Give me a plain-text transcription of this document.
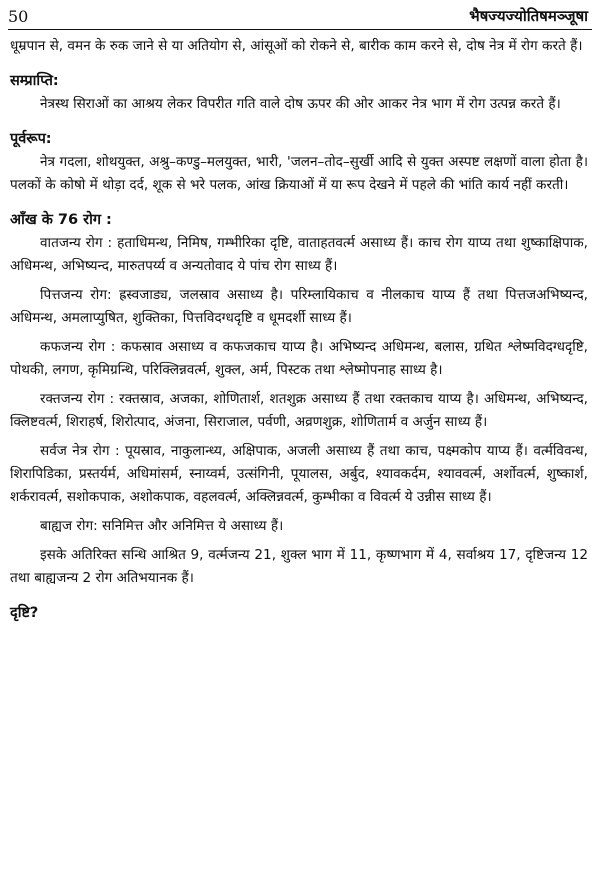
50	भैषज्यज्योतिषमञ्जूषा

धूम्रपान से, वमन के रुक जाने से या अतियोग से, आंसूओं को रोकने से, बारीक काम करने से, दोष नेत्र में रोग करते हैं।

सम्प्राप्ति:

नेत्रस्थ सिराओं का आश्रय लेकर विपरीत गति वाले दोष ऊपर की ओर आकर नेत्र भाग में रोग उत्पन्न करते हैं।

पूर्वरूप:

नेत्र गदला, शोथयुक्त, अश्रु–कण्डु–मलयुक्त, भारी, 'जलन–तोद–सुर्खी आदि से युक्त अस्पष्ट लक्षणों वाला होता है। पलकों के कोषो में थोड़ा दर्द, शूक से भरे पलक, आंख क्रियाओं में या रूप देखने में पहले की भांति कार्य नहीं करती।

आँख के 76 रोग :

वातजन्य रोग : हताधिमन्थ, निमिष, गम्भीरिका दृष्टि, वाताहतवर्त्म असाध्य हैं। काच रोग याप्य तथा शुष्काक्षिपाक, अधिमन्थ, अभिष्यन्द, मारुतपर्य्य व अन्यतोवाद ये पांच रोग साध्य हैं।

पित्तजन्य रोग: ह्रस्वजाड्य, जलस्राव असाध्य है। परिम्लायिकाच व नीलकाच याप्य हैं तथा पित्तजअभिष्यन्द, अधिमन्थ, अमलाप्युषित, शुक्तिका, पित्तविदग्धदृष्टि व धूमदर्शी साध्य हैं।

कफजन्य रोग : कफस्राव असाध्य व कफजकाच याप्य है। अभिष्यन्द अधिमन्थ, बलास, ग्रथित श्लेष्मविदग्धदृष्टि, पोथकी, लगण, कृमिग्रन्थि, परिक्लिन्नवर्त्म, शुक्ल, अर्म, पिस्टक तथा श्लेष्मोपनाह साध्य है।

रक्तजन्य रोग : रक्तस्राव, अजका, शोणितार्श, शतशुक्र असाध्य हैं तथा रक्तकाच याप्य है। अधिमन्थ, अभिष्यन्द, क्लिष्टवर्त्म, शिराहर्ष, शिरोत्पाद, अंजना, सिराजाल, पर्वणी, अव्रणशुक्र, शोणितार्म व अर्जुन साध्य हैं।

सर्वज नेत्र रोग : पूयस्राव, नाकुलान्ध्य, अक्षिपाक, अजली असाध्य हैं तथा काच, पक्ष्मकोप याप्य हैं। वर्त्मविवन्ध, शिरापिडिका, प्रस्तर्यर्म, अधिमांसर्म, स्नाय्वर्म, उत्संगिनी, पूयालस, अर्बुद, श्यावकर्दम, श्याववर्त्म, अर्शोवर्त्म, शुष्कार्श, शर्करावर्त्म, सशोकपाक, अशोकपाक, वहलवर्त्म, अक्लिन्नवर्त्म, कुम्भीका व विवर्त्म ये उन्नीस साध्य हैं।

बाह्यज रोग: सनिमित्त और अनिमित्त ये असाध्य हैं।

इसके अतिरिक्त सन्धि आश्रित 9, वर्त्मजन्य 21, शुक्ल भाग में 11, कृष्णभाग में 4, सर्वाश्रय 17, दृष्टिजन्य 12 तथा बाह्यजन्य 2 रोग अतिभयानक हैं।

दृष्टि?
